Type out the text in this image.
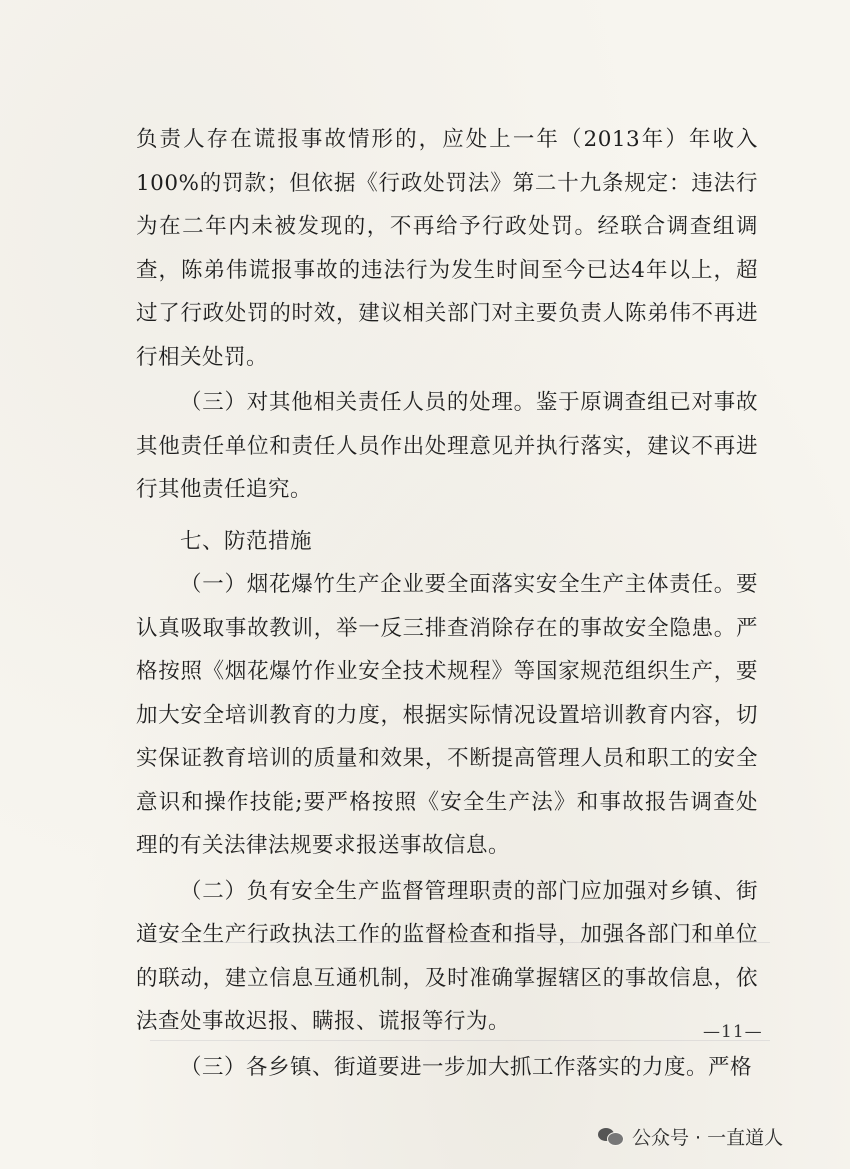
负责人存在谎报事故情形的，应处上一年（2013年）年收入100%的罚款；但依据《行政处罚法》第二十九条规定：违法行为在二年内未被发现的，不再给予行政处罚。经联合调查组调查，陈弟伟谎报事故的违法行为发生时间至今已达4年以上，超过了行政处罚的时效，建议相关部门对主要负责人陈弟伟不再进行相关处罚。

（三）对其他相关责任人员的处理。鉴于原调查组已对事故其他责任单位和责任人员作出处理意见并执行落实，建议不再进行其他责任追究。

七、防范措施

（一）烟花爆竹生产企业要全面落实安全生产主体责任。要认真吸取事故教训，举一反三排查消除存在的事故安全隐患。严格按照《烟花爆竹作业安全技术规程》等国家规范组织生产，要加大安全培训教育的力度，根据实际情况设置培训教育内容，切实保证教育培训的质量和效果，不断提高管理人员和职工的安全意识和操作技能;要严格按照《安全生产法》和事故报告调查处理的有关法律法规要求报送事故信息。

（二）负有安全生产监督管理职责的部门应加强对乡镇、街道安全生产行政执法工作的监督检查和指导，加强各部门和单位的联动，建立信息互通机制，及时准确掌握辖区的事故信息，依法查处事故迟报、瞒报、谎报等行为。

（三）各乡镇、街道要进一步加大抓工作落实的力度。严格

—11—
公众号 · 一直道人
